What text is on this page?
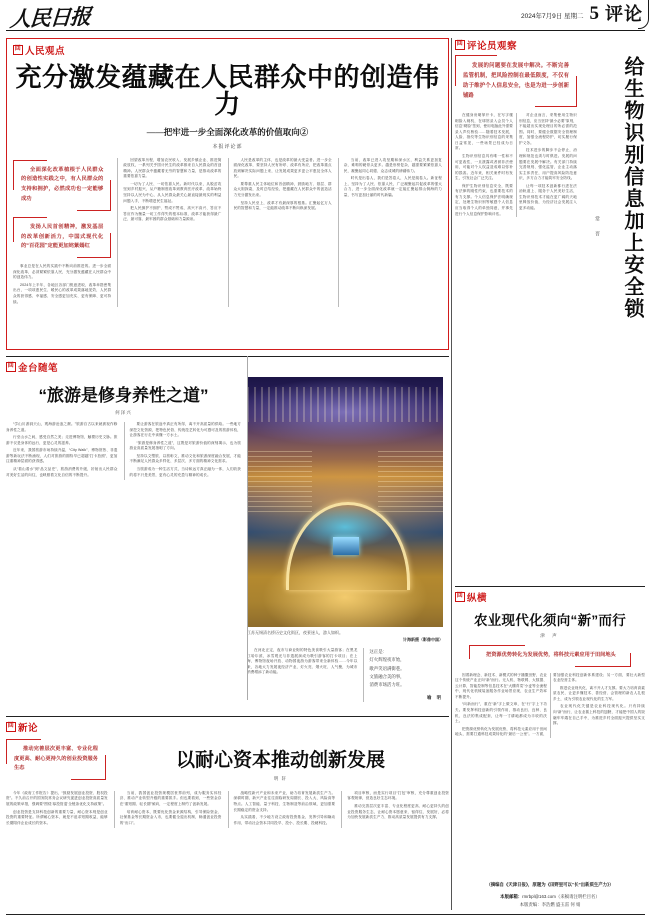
人民日报	2024年7月9日 星期二 5 评论
回 人民观点
充分激发蕴藏在人民群众中的创造伟力
——把牢进一步全面深化改革的价值取向②
本报评论部
全面深化改革植根于人民群众的创造性实践之中，有人民群众的支持和拥护，必然成功也一定能够成功
发扬人民首创精神，激发基层的改革创新活力，中国式现代化的“百花园”定能更加姹紫嫣红

事业总是在人民的实践中不断向前推进的。进一步全面深化改革，必须紧紧依靠人民，充分激发蕴藏在人民群众中的创造伟力。

2024年上半年，各地区各部门锐意进取，改革举措密集出台，一项项惠民生、暖民心的改革成果落地见效，人民群众的获得感、幸福感、安全感更加充实、更有保障、更可持续。

回望改革历程，增加农民收入、发展乡镇企业、推进简政放权，一系列关乎国计民生的改革都来自人民群众的首创精神。人民群众中蕴藏着无穷的智慧和力量，是推动改革的重要依靠力量。

一切为了人民、一切依靠人民。新时代以来，从脱贫攻坚到乡村振兴，从户籍制度改革到教育医疗改革，改革始终坚持以人民为中心，从人民群众最关心最直接最现实的利益问题入手，不断增进民生福祉。

把人民拥护不拥护、赞成不赞成、高兴不高兴、答应不答应作为衡量一切工作得失的根本标准，改革才能获得最广泛、最可靠、最牢固的群众基础和力量源泉。

人民是改革的主体，也是改革的最大受益者。进一步全面深化改革，要坚持人民有所呼、改革有所应，把改革重点放到解决实际问题上来，让发展成果更多更公平惠及全体人民。

要尊重人民主体地位和首创精神，鼓励地方、基层、群众大胆探索，及时总结经验，把蕴藏在人民群众中的创造活力充分激发出来。

坚持人民至上，改革才有最深厚的根基。汇聚起亿万人民的智慧和力量，一定能推动改革不断向纵深发展。

当前，改革已进入攻坚期和深水区，利益关系更加复杂，难啃的硬骨头更多。越是形势复杂，越需要紧紧依靠人民，凝聚起同心同德、众志成城的磅礴伟力。

时代是出卷人，我们是答卷人，人民是阅卷人。新征程上，坚持为了人民、依靠人民，广泛凝聚起共促改革的强大合力，进一步全面深化改革就一定能汇聚起排山倒海的力量，书写更加壮丽的时代新篇。

回 评论员观察
发展的问题要在发展中解决。不断完善监管机制，把风险控制在最低限度，不仅有助于维护个人信息安全，也是为进一步创新铺路

在健身房刷掌开卡，在写字楼刷脸入闸机，在球馆录入会员个人信息“刷脸”签到，使用电脑此外需要录入声纹核验……随着技术发展，人脸、指纹等生物识别信息的采集日益常见，一些场景已经成为日常。

生物识别信息具有唯一性和不可更改性，一旦泄露或者被非法使用，可能对个人权益造成难以弥补的损害。近年来，相关案件时有发生，引发社会广泛关注。

保护生物识别信息安全，既要有法律的刚性约束，也需要技术的有力支撑。个人信息保护法明确规定，处理生物识别等敏感个人信息应当取得个人的单独同意，并事先进行个人信息保护影响评估。

对企业而言，采集使用生物识别信息，应当坚持“最小必要”原则，不能超出实现处理目的所必需的范围。同时，要健全数据安全管理制度，加强全流程防护，切实履行保护义务。

技术进步的脚步不会停止，治理和规范也须与时俱进。发展的问题要在发展中解决。有关部门持续完善规则、强化监管，企业主动落实主体责任，用户提高风险防范意识，多方合力才能筑牢安全防线。

让每一项技术创新都行进在法治轨道上、服务于人民美好生活，生物识别技术才能在更广阔的天地里释放价值，为经济社会发展注入更多动能。	给生物识别信息加上安全锁
常 晋
回 金台随笔
“旅游是修身养性之道”
何泽兴

“学山川游洞天山，观海游沧浪之濒。”旅游自古以来就被视作修身养性之道。

行至山水之间，感受自然之美；走进博物馆，触摸历史文脉。旅游不仅是身体的远行，更是心灵的滋养。

近年来，我国旅游市场持续升温，“City Walk”、博物馆热、非遗游等新玩法不断涌现，人们对旅游的期待早已超越“打卡拍照”，更加注重精神层面的获得感。

从“看山看水”到“品文品史”，旅游消费的升级，折射出人民群众对美好生活的向往，也映照着文化自信的不断提升。

要让游客在旅途中真正有所得，离不开高质量的供给。一些地方深挖文化资源，把特色民俗、传统技艺转化为可感可及的旅游体验，让游客在行走中读懂一方水土。

“旅游是修身养性之道”，这既是对旅游价值的深刻揭示，也为旅游业高质量发展指明了方向。

坚持以文塑旅、以旅彰文，推动文化和旅游深度融合发展，才能不断满足人民群众多样化、多层次、多方面的精神文化需求。

当旅游成为一种生活方式，当诗和远方真正融为一体，人们收获的将不只是美景，更有心灵的充盈与精神的成长。

江苏无锡清名桥历史文化街区，夜景迷人，游人如织。
计海新摄（影像中国）

在河北正定，夜市与商业街的特色美食吸引大量游客；在黑龙江哈尔滨，冰雪观光与非遗展演成为吸引游客的打卡项目；在上海，博物馆夜场开放、动物园夜游为游客带来全新体验……今年以来，各地大力发展夜经济产业，灯火亮、烟火旺、人气聚，为城市消费增添了新动能。

这正是：
灯火辉煌夜市始，
歌声笑语满街巷。
文旅融合美的事，
消费市场活力旺。
喻 明
回 新论
推动完善层次更丰富、专业化程度更高、耐心更持久的创业投资服务生态	以耐心资本推动创新发展
明 轩

今年《政府工作报告》提出，“鼓励发展创业投资、股权投资”。不久前召开的国务院常务会议研究促进创业投资高质量发展的政策举措，强调要“围绕‘募投管退’全链条优化支持政策”。

创业投资是支持科技创新的重要力量，耐心资本则是创业投资的重要特征。所谓耐心资本，就是不追求短期收益，能够长期陪伴企业成长的资本。

当前，我国创业投资规模居世界前列，成为服务实体经济、推动产业转型升级的重要抓手。但也要看到，一些资金存在“重短期、轻长期”倾向，一定程度上制约了创新发展。

培育耐心资本，既要优化资金来源结构，引导保险资金、社保基金等长期资金入市，也要健全退出机制，畅通创业投资的“出口”。

战略性新兴产业和未来产业，助力培育发展新质生产力。深耕时期，新兴产业往往面临研发周期长、投入大、风险高等特点。人工智能、量子科技、生物制造等前沿领域，更加需要长期稳定的资金支持。

从实践看，不少地方设立政府投资基金，发挥引导和撬动作用，带动社会资本共同投早、投小、投长期、投硬科技。

项目审核，而是实行项目“打包”审核，充分尊重创业投资客观规律，营造良好生态环境。

推动完善层次更丰富、专业化程度更高、耐心更持久的创业投资服务生态，让耐心资本愿意来、留得住、发展好，必将为加快发展新质生产力、推动高质量发展提供有力支撑。

回 纵横
农业现代化须向“新”而行
津 声
把资源优势转化为发展优势，将科技元素应用于田间地头

因着新理念、新技术、新模式的种子播撒田野，农业这个传统产业正向“新”而行。无人机、物联网、大数据、云计算，智能控制等信息技术在“大棚青菜”小麦等全流程中，现代化机械装备服务作业场景应现，农业生产效率不断提升。

“向新而行”，重在“新”字上做文章，在“行”字上下功夫。要发挥科技创新的引领作用，推动良田、良种、良机、良法的集成配套，让每一寸耕地都成为丰收的沃土。

把资源优势转化为发展优势，将科技元素应用于田间地头，需要打通科技成果转化的“最后一公里”。一方面，要加强农业科技创新体系建设；另一方面，要壮大新型农业经营主体。

推进农业现代化，离不开人才支撑。要大力培育高素质农民，让更多懂技术、善经营、会管理的新农人扎根乡土，成为引领农业现代化的生力军。

农业现代化关键是农业科技现代化。只有持续向“新”而行，让农业插上科技的翅膀，才能把中国人的饭碗牢牢端在自己手中，为推进乡村全面振兴提供坚实支撑。

（摘编自《天津日报》，原题为《田野里可以“长”出新质生产力》）
本版邮箱：rmrbpl@163.com（来稿请注明栏目名）
本版责编：李浩燃 盛玉雷 何 娟
